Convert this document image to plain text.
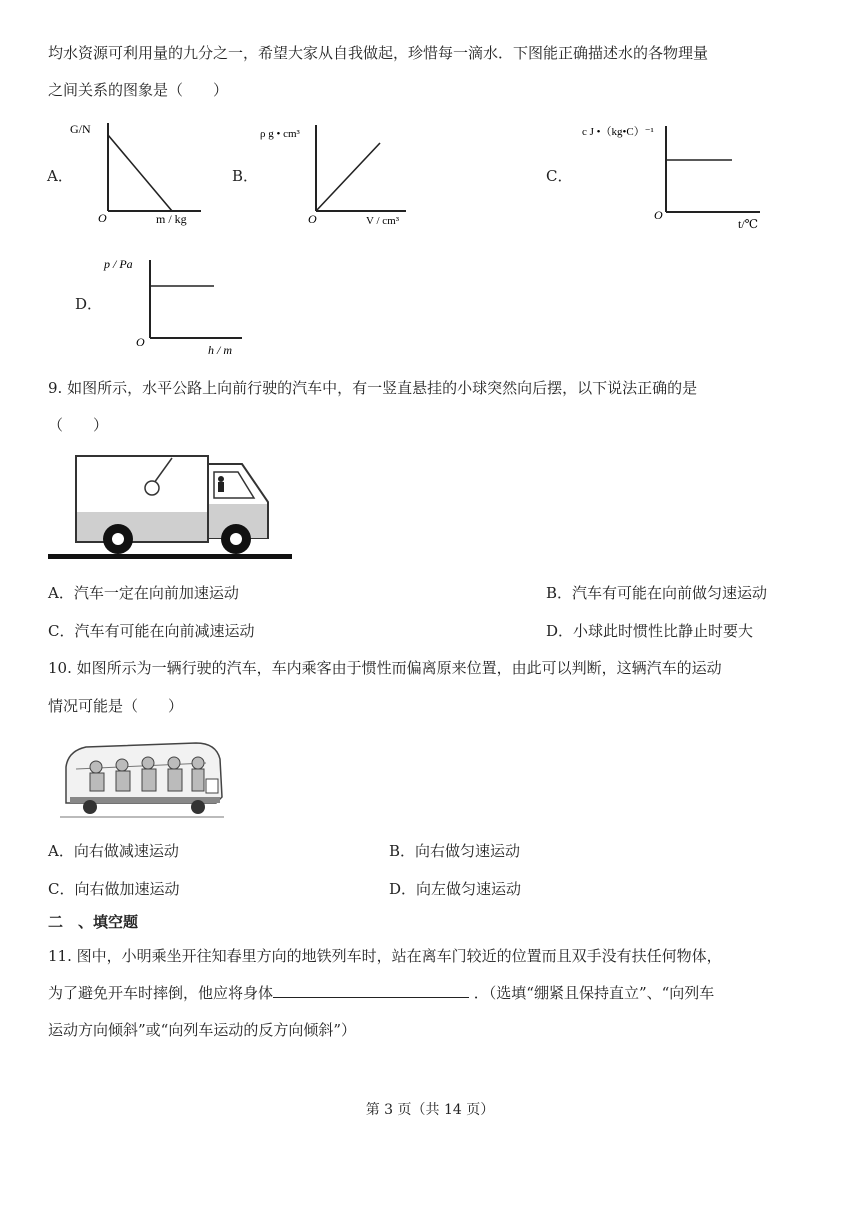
均水资源可利用量的九分之一，希望大家从自我做起，珍惜每一滴水．下图能正确描述水的各物理量
之间关系的图象是（　　）
A．
G/N
O	m / kg
B．
ρ g • cm³
O	V / cm³
C．
c J •（kg•C）⁻¹
O
t/℃
D．
p / Pa
O
h / m
9. 如图所示，水平公路上向前行驶的汽车中，有一竖直悬挂的小球突然向后摆，以下说法正确的是
（　　）
A．汽车一定在向前加速运动	B．汽车有可能在向前做匀速运动
C．汽车有可能在向前减速运动	D．小球此时惯性比静止时要大
10. 如图所示为一辆行驶的汽车，车内乘客由于惯性而偏离原来位置，由此可以判断，这辆汽车的运动
情况可能是（　　）
A．向右做减速运动	B．向右做匀速运动
C．向右做加速运动	D．向左做匀速运动
二　、填空题
11. 图中，小明乘坐开往知春里方向的地铁列车时，站在离车门较近的位置而且双手没有扶任何物体，
为了避免开车时摔倒，他应将身体	．（选填“绷紧且保持直立”、“向列车
运动方向倾斜”或“向列车运动的反方向倾斜”）
第 3 页（共 14 页）
